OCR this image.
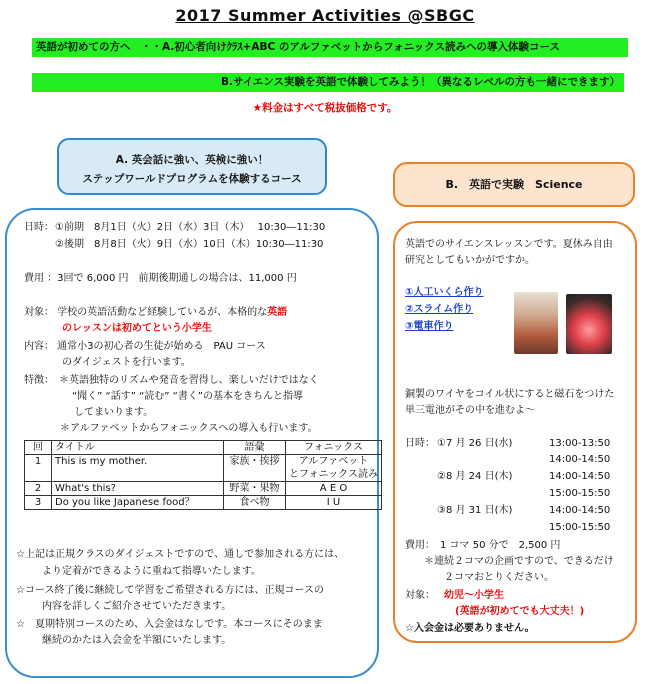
2017 Summer Activities @SBGC
英語が初めての方へ　・・A.初心者向けｸﾗｽ+ABC のアルファベットからフォニックス読みへの導入体験コース
B.サイエンス実験を英語で体験してみよう！（異なるレベルの方も一緒にできます）
★料金はすべて税抜価格です。
A. 英会話に強い、英検に強い！
ステップワールドプログラムを体験するコース	B.　英語で実験　Science
日時： ①前期　8月1日（火）2日（水）3日（木）　 10:30―11:30
②後期　8月8日（火）9日（水）10日（木）10:30―11:30
費用 ：3回で 6,000 円　前期後期通しの場合は、11,000 円
対象： 学校の英語活動など経験しているが、本格的な英語
のレッスンは初めてという小学生
内容： 通常小3の初心者の生徒が始める　PAU コース
のダイジェストを行います。
特徴：　＊英語独特のリズムや発音を習得し、楽しいだけではなく
“聞く” “話す” “読む” “書く”の基本をきちんと指導
してまいります。
＊アルファベットからフォニックスへの導入も行います。
回	タイトル	語彙	フォニックス
1	This is my mother.	家族・挨拶	アルファベット
			とフォニックス読み
2	What's this?	野菜・果物	A E O
3	Do you like Japanese food？	食べ物	I U
☆上記は正規クラスのダイジェストですので、通しで参加される方には、
より定着ができるように重ねて指導いたします。
☆コース終了後に継続して学習をご希望される方には、正規コースの
内容を詳しくご紹介させていただきます。
☆　夏期特別コースのため、入会金はなしです。本コースにそのまま
継続のかたは入会金を半額にいたします。
英語でのサイエンスレッスンです。夏休み自由
研究としてもいかがですか。
①人工いくら作り
②スライム作り
③電車作り
銅製のワイヤをコイル状にすると磁石をつけた
単三電池がその中を進むよ〜
日時： ①7 月 26 日(水)	13:00-13:50
14:00-14:50
②8 月 24 日(木)	14:00-14:50
15:00-15:50
③8 月 31 日(木)	14:00-14:50
15:00-15:50
費用：　1 コマ 50 分で　2,500 円
＊連続２コマの企画ですので、できるだけ
２コマおとりください。
対象： 幼児～小学生
(英語が初めてでも大丈夫！)
☆入会金は必要ありません。
